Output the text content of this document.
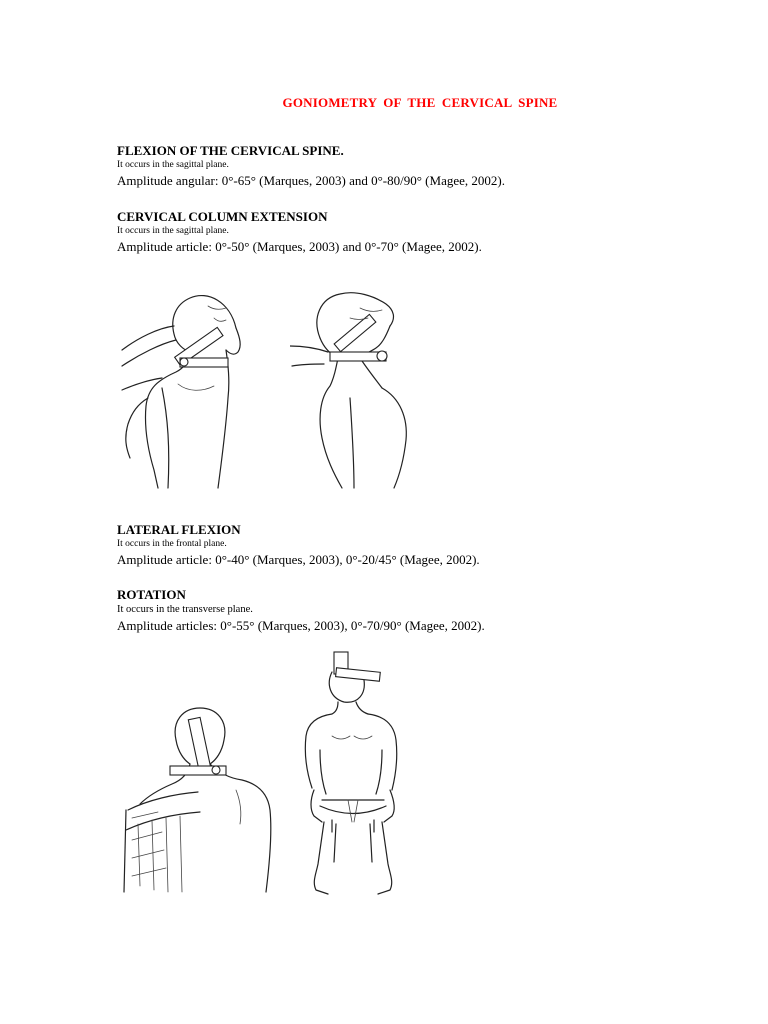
GONIOMETRY OF THE CERVICAL SPINE
FLEXION OF THE CERVICAL SPINE.
It occurs in the sagittal plane.
Amplitude angular: 0°-65° (Marques, 2003) and 0°-80/90° (Magee, 2002).
CERVICAL COLUMN EXTENSION
It occurs in the sagittal plane.
Amplitude article: 0°-50° (Marques, 2003) and 0°-70° (Magee, 2002).
LATERAL FLEXION
It occurs in the frontal plane.
Amplitude article: 0°-40° (Marques, 2003), 0°-20/45° (Magee, 2002).
ROTATION
It occurs in the transverse plane.
Amplitude articles: 0°-55° (Marques, 2003), 0°-70/90° (Magee, 2002).
